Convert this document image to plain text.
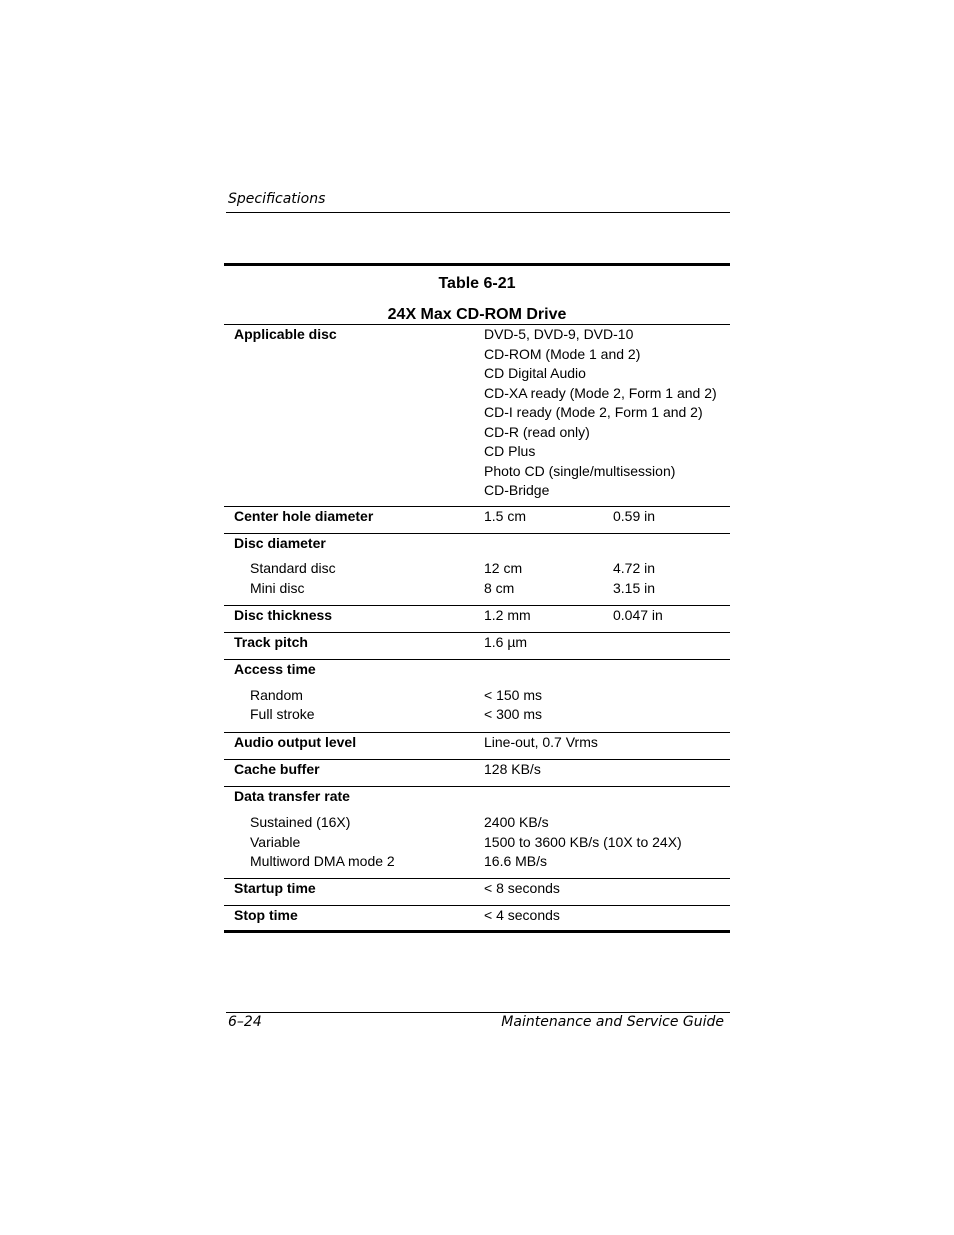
Specifications
Table 6-21
24X Max CD-ROM Drive
Applicable disc	DVD-5, DVD-9, DVD-10
CD-ROM (Mode 1 and 2)
CD Digital Audio
CD-XA ready (Mode 2, Form 1 and 2)
CD-I ready (Mode 2, Form 1 and 2)
CD-R (read only)
CD Plus
Photo CD (single/multisession)
CD-Bridge
Center hole diameter	1.5 cm	0.59 in
Disc diameter
Standard disc	12 cm	4.72 in
Mini disc	8 cm	3.15 in
Disc thickness	1.2 mm	0.047 in
Track pitch	1.6 µm
Access time
Random	< 150 ms
Full stroke	< 300 ms
Audio output level	Line-out, 0.7 Vrms
Cache buffer	128 KB/s
Data transfer rate
Sustained (16X)	2400 KB/s
Variable	1500 to 3600 KB/s (10X to 24X)
Multiword DMA mode 2	16.6 MB/s
Startup time	< 8 seconds
Stop time	< 4 seconds
6–24	Maintenance and Service Guide
